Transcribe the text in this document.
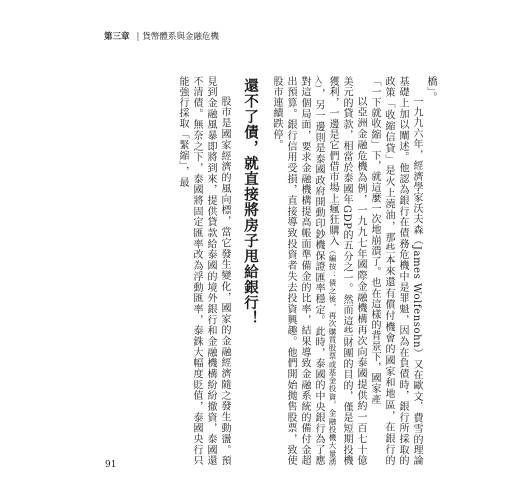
第三章 | 貨幣體系與金融危機

橋」。

一九九六年，經濟學家沃夫森（James Wolfensohn）又在歐文．費雪的理論基礎上加以闡述。他認為銀行在債務危機中是罪魁，因為在負債時，銀行所採取的政策「收縮信貸」是火上澆油，那些本來還有償付機會的國家和地區，在銀行的「一下就收縮」下，就這麼一次地崩潰了。也在這樣的背景下，國家產

以亞洲金融危機為例，一九九七年國際金融機構再次向泰國提供約一百七十億美元的貸款，相當於泰國年GDP的五分之一。然而這些財團的目的，僅是短期投機獲利，一邊是它們借市場上瘋狂購入（編按：債之後，再次購買股票或基金投資，金融投機大量湧入），另一邊則是泰國政府開動印鈔機保證匯率穩定。此時，泰國的中央銀行為了應對這個局面，要求金融機構提高帳面準備金的比率，結果導致金融系統的備付金超出預算。銀行信用受損，直接導致投資者失去投資興趣。他們開始拋售股票，致使股市連續跌停。

還不了債，就直接將房子甩給銀行！

股市是國家經濟的風向標，當它發生變化，國家的金融經濟隨之發生動盪。預見到金融風暴即將到來，提供貸款給泰國的境外銀行和金融機構紛紛撤資，泰國還不清債。無奈之下，泰國將固定匯率改為浮動匯率，泰銖大幅度貶值，泰國央行只能強行採取「緊縮」，最

91
